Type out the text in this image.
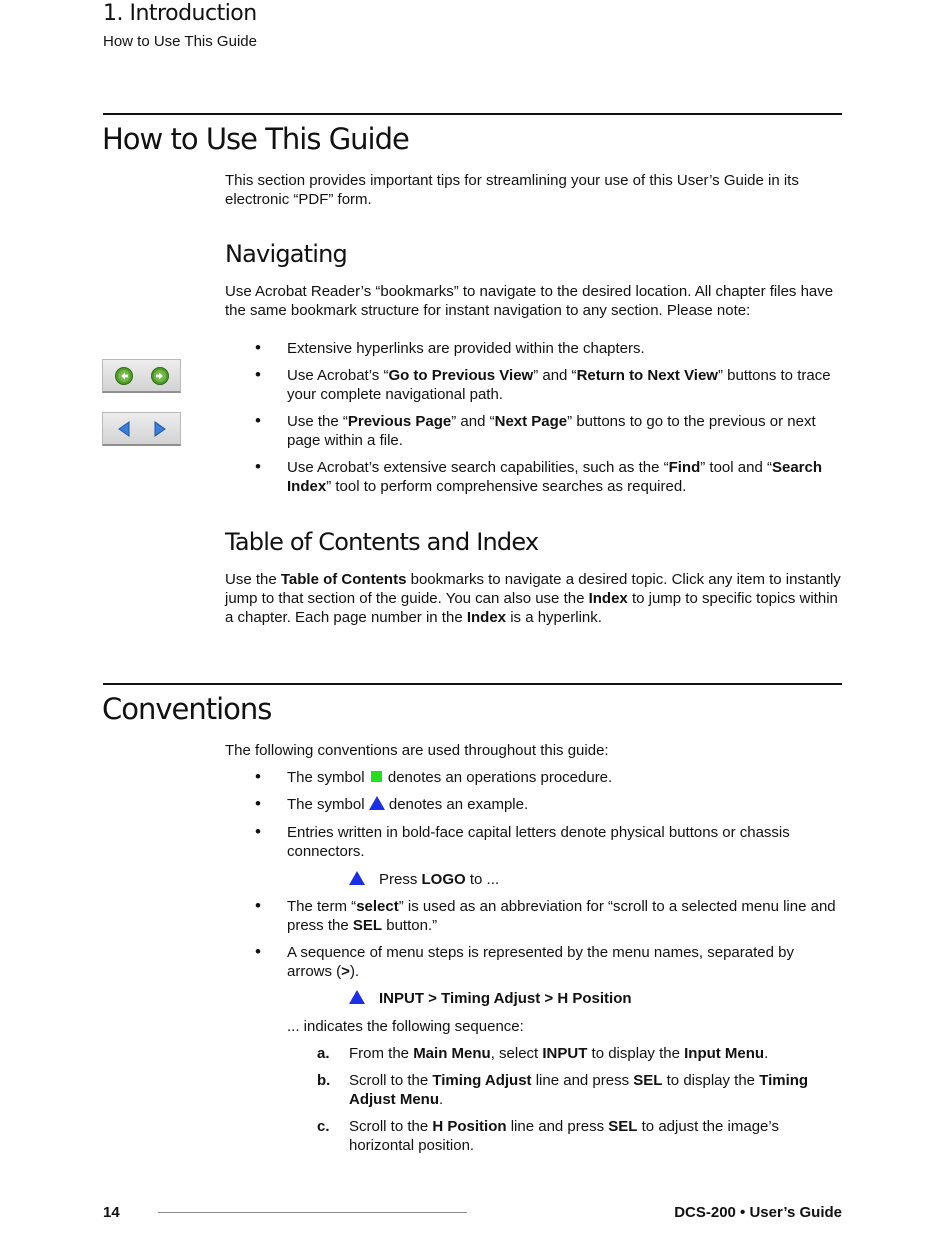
1. Introduction
How to Use This Guide
How to Use This Guide
This section provides important tips for streamlining your use of this User’s Guide in its electronic “PDF” form.
Navigating
Use Acrobat Reader’s “bookmarks” to navigate to the desired location. All chapter files have the same bookmark structure for instant navigation to any section. Please note:
• Extensive hyperlinks are provided within the chapters.
• Use Acrobat’s “Go to Previous View” and “Return to Next View” buttons to trace your complete navigational path.
• Use the “Previous Page” and “Next Page” buttons to go to the previous or next page within a file.
• Use Acrobat’s extensive search capabilities, such as the “Find” tool and “Search Index” tool to perform comprehensive searches as required.
Table of Contents and Index
Use the Table of Contents bookmarks to navigate a desired topic. Click any item to instantly jump to that section of the guide. You can also use the Index to jump to specific topics within a chapter. Each page number in the Index is a hyperlink.
Conventions
The following conventions are used throughout this guide:
• The symbol  denotes an operations procedure.
• The symbol  denotes an example.
• Entries written in bold-face capital letters denote physical buttons or chassis connectors.
Press LOGO to ...
• The term “select” is used as an abbreviation for “scroll to a selected menu line and press the SEL button.”
• A sequence of menu steps is represented by the menu names, separated by arrows (>).
INPUT > Timing Adjust > H Position
... indicates the following sequence:
a. From the Main Menu, select INPUT to display the Input Menu.
b. Scroll to the Timing Adjust line and press SEL to display the Timing Adjust Menu.
c. Scroll to the H Position line and press SEL to adjust the image’s horizontal position.
14	DCS-200 • User’s Guide
